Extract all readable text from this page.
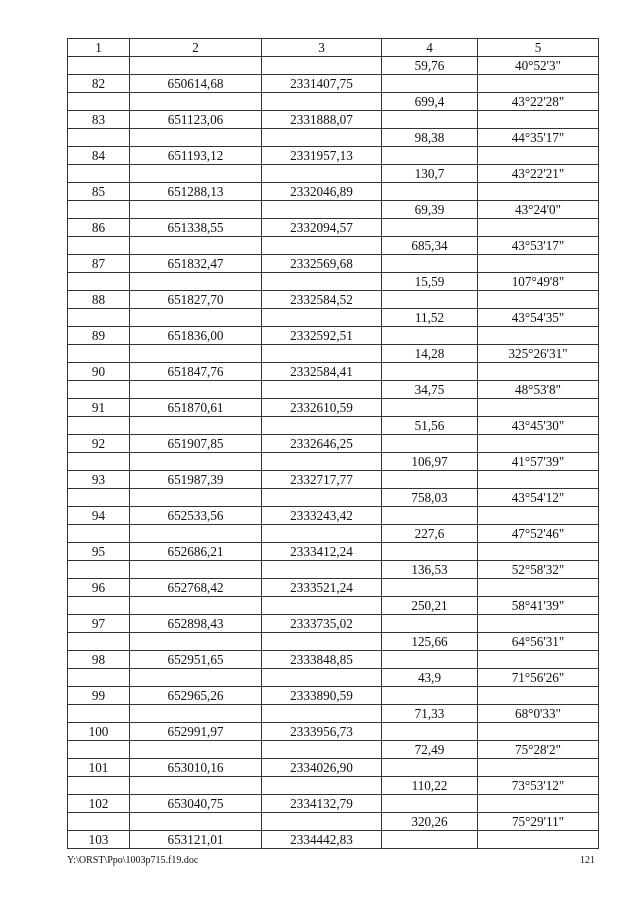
1	2	3	4	5
			59,76	40°52'3"
82	650614,68	2331407,75		
			699,4	43°22'28"
83	651123,06	2331888,07		
			98,38	44°35'17"
84	651193,12	2331957,13		
			130,7	43°22'21"
85	651288,13	2332046,89		
			69,39	43°24'0"
86	651338,55	2332094,57		
			685,34	43°53'17"
87	651832,47	2332569,68		
			15,59	107°49'8"
88	651827,70	2332584,52		
			11,52	43°54'35"
89	651836,00	2332592,51		
			14,28	325°26'31"
90	651847,76	2332584,41		
			34,75	48°53'8"
91	651870,61	2332610,59		
			51,56	43°45'30"
92	651907,85	2332646,25		
			106,97	41°57'39"
93	651987,39	2332717,77		
			758,03	43°54'12"
94	652533,56	2333243,42		
			227,6	47°52'46"
95	652686,21	2333412,24		
			136,53	52°58'32"
96	652768,42	2333521,24		
			250,21	58°41'39"
97	652898,43	2333735,02		
			125,66	64°56'31"
98	652951,65	2333848,85		
			43,9	71°56'26"
99	652965,26	2333890,59		
			71,33	68°0'33"
100	652991,97	2333956,73		
			72,49	75°28'2"
101	653010,16	2334026,90		
			110,22	73°53'12"
102	653040,75	2334132,79		
			320,26	75°29'11"
103	653121,01	2334442,83		
Y:\ORST\Ppo\1003p715.f19.doc	121
